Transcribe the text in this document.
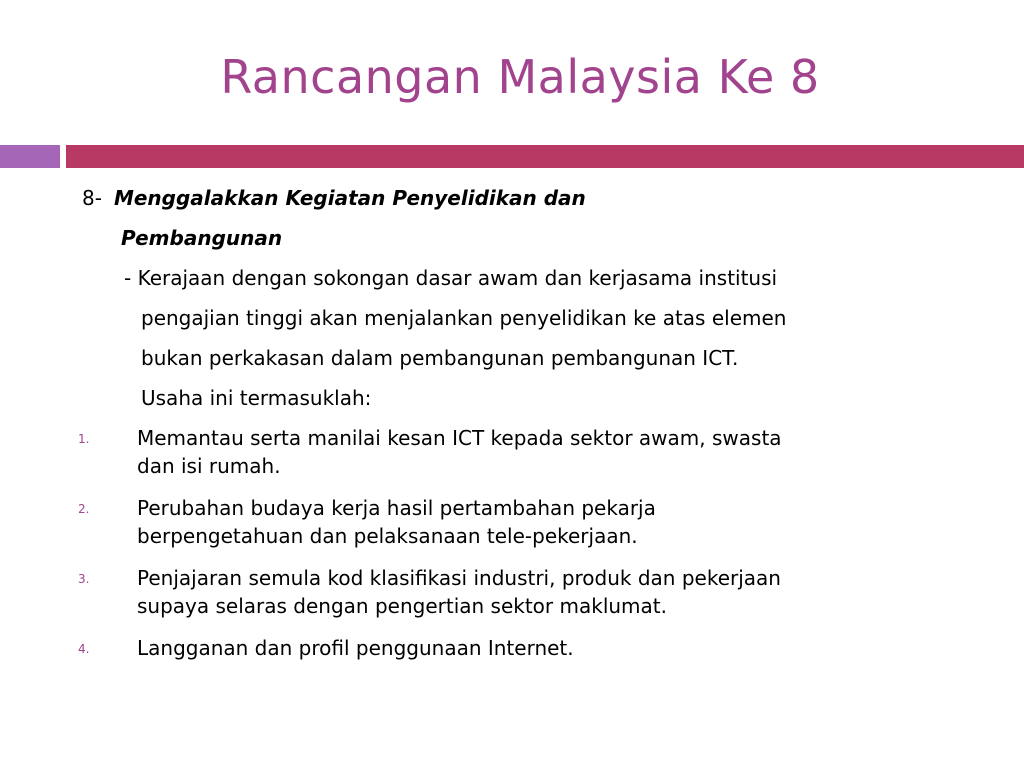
Rancangan Malaysia Ke 8
8- Menggalakkan Kegiatan Penyelidikan dan
Pembangunan
- Kerajaan dengan sokongan dasar awam dan kerjasama institusi
pengajian tinggi akan menjalankan penyelidikan ke atas elemen
bukan perkakasan dalam pembangunan pembangunan ICT.
Usaha ini termasuklah:
1. Memantau serta manilai kesan ICT kepada sektor awam, swasta
dan isi rumah.
2. Perubahan budaya kerja hasil pertambahan pekarja
berpengetahuan dan pelaksanaan tele-pekerjaan.
3. Penjajaran semula kod klasifikasi industri, produk dan pekerjaan
supaya selaras dengan pengertian sektor maklumat.
4. Langganan dan profil penggunaan Internet.
